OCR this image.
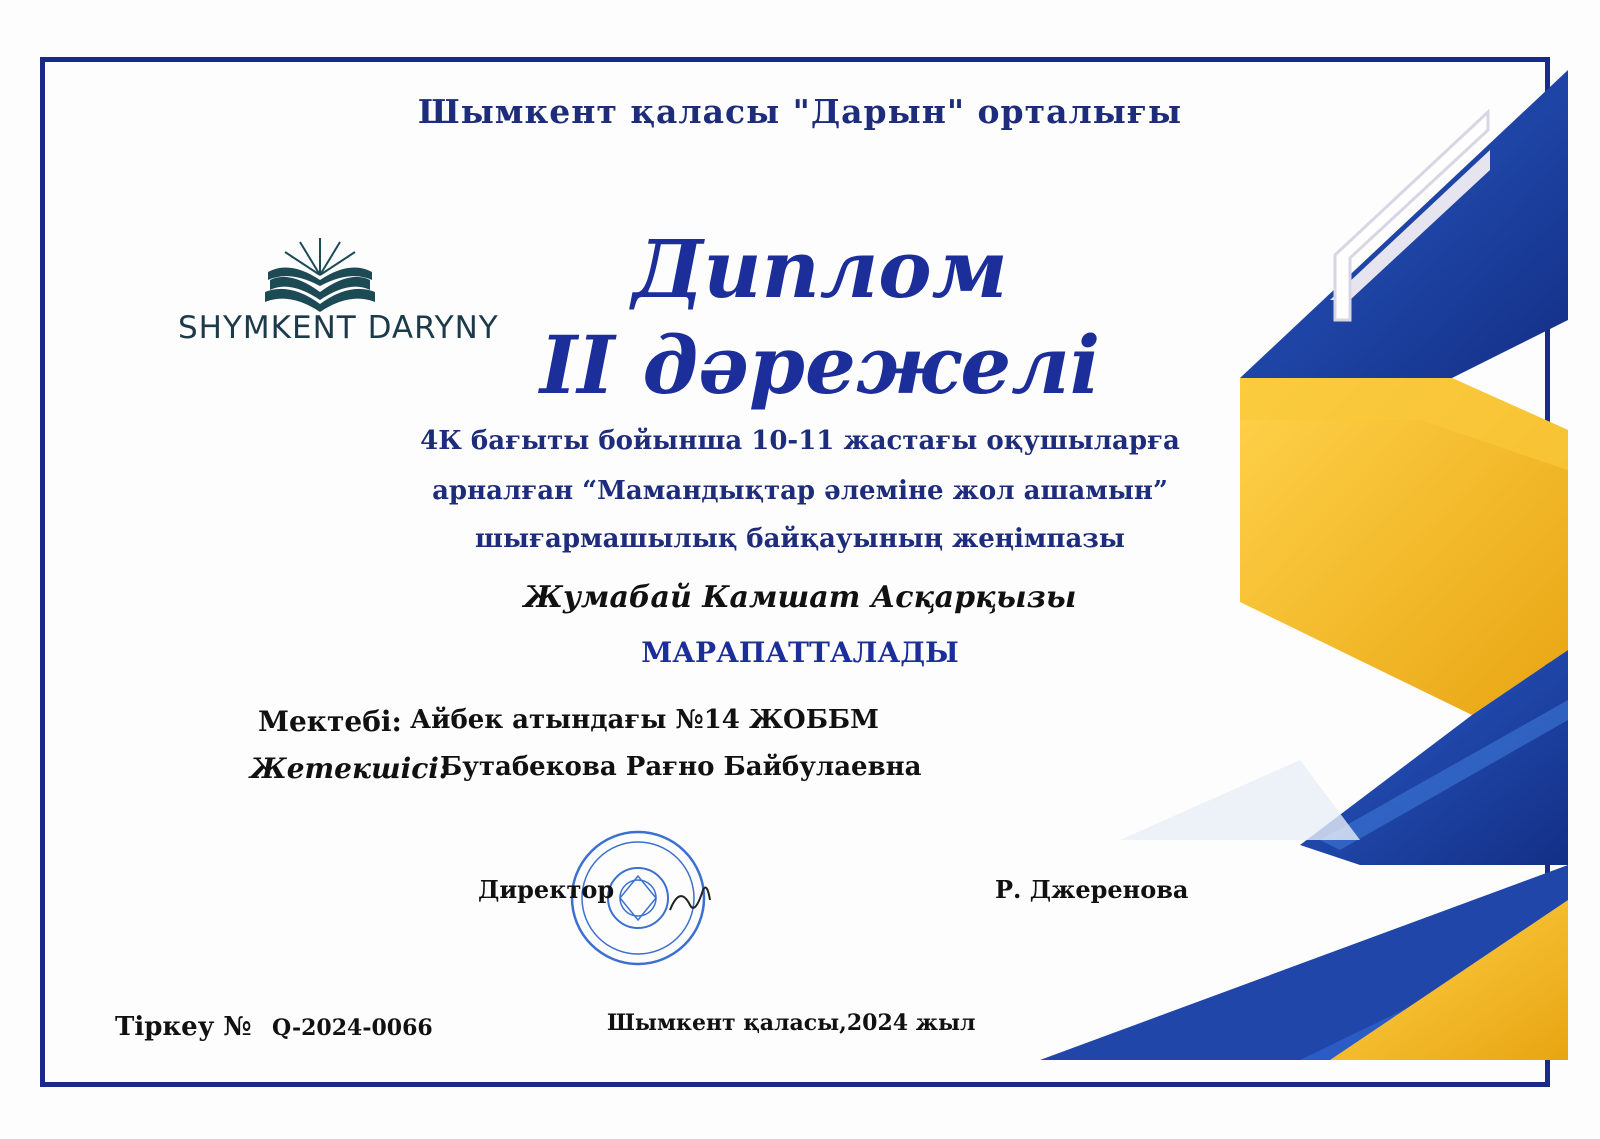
Шымкент қаласы "Дарын" орталығы
SHYMKENT DARYNY
Диплом
II дәрежелі
4К бағыты бойынша 10-11 жастағы оқушыларға
арналған “Мамандықтар әлеміне жол ашамын”
шығармашылық байқауының жеңімпазы
Жумабай Камшат Асқарқызы
МАРАПАТТАЛАДЫ
Мектебі: Айбек атындағы №14 ЖОББМ
Жетекшісі:
Бутабекова Рағно Байбулаевна
Директор	Р. Джеренова
Тіркеу № Q-2024-0066	Шымкент қаласы,2024 жыл
